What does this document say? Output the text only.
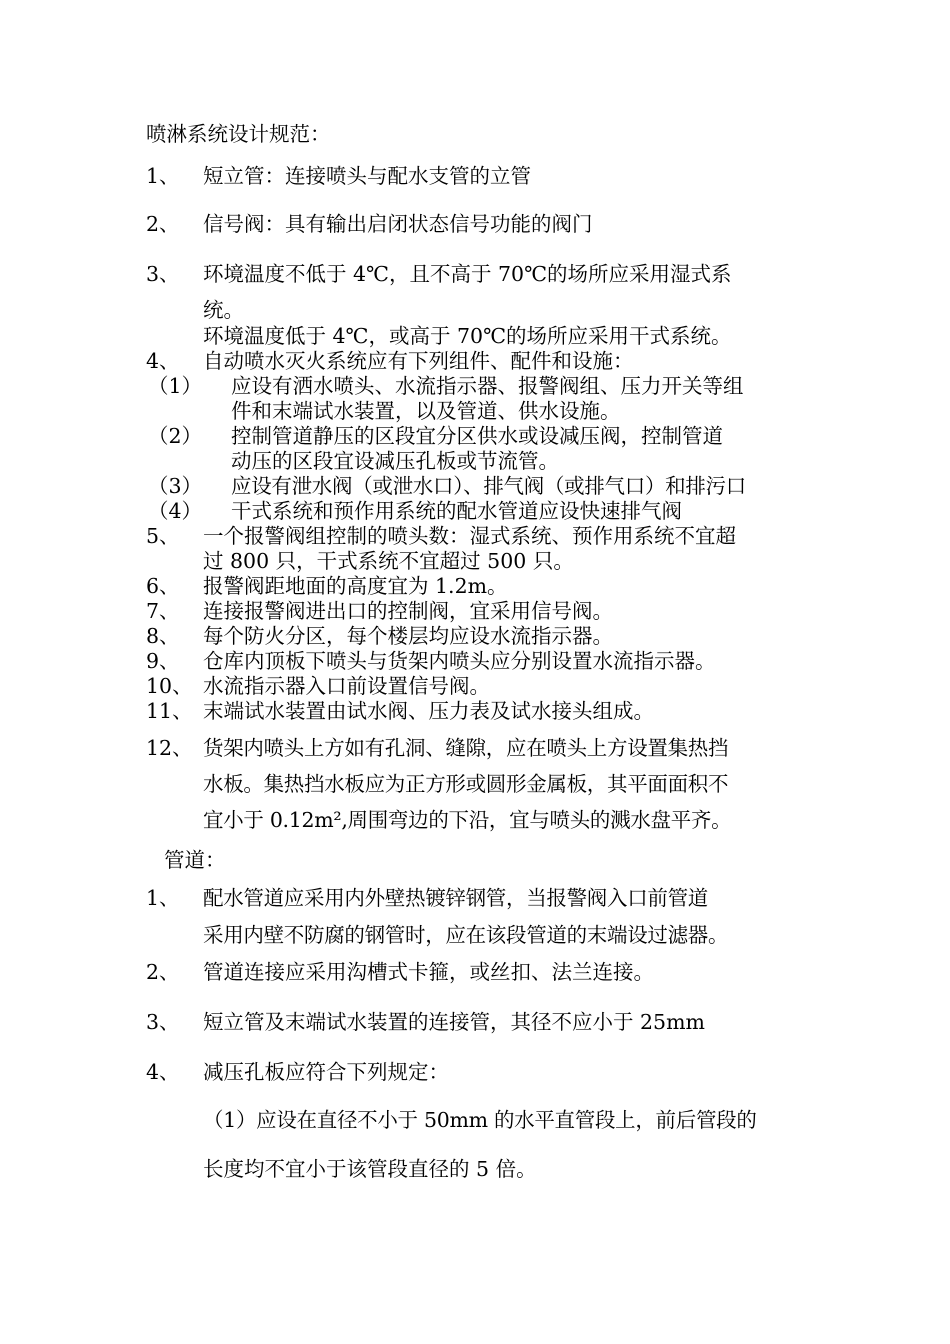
喷淋系统设计规范：
1、 短立管：连接喷头与配水支管的立管
2、 信号阀：具有输出启闭状态信号功能的阀门
3、 环境温度不低于 4℃，且不高于 70℃的场所应采用湿式系
统。
环境温度低于 4℃，或高于 70℃的场所应采用干式系统。
4、 自动喷水灭火系统应有下列组件、配件和设施：
（1） 应设有洒水喷头、水流指示器、报警阀组、压力开关等组
件和末端试水装置，以及管道、供水设施。
（2） 控制管道静压的区段宜分区供水或设减压阀，控制管道
动压的区段宜设减压孔板或节流管。
（3） 应设有泄水阀（或泄水口）、排气阀（或排气口）和排污口
（4） 干式系统和预作用系统的配水管道应设快速排气阀
5、 一个报警阀组控制的喷头数：湿式系统、预作用系统不宜超
过 800 只，干式系统不宜超过 500 只。
6、 报警阀距地面的高度宜为 1.2m。
7、 连接报警阀进出口的控制阀，宜采用信号阀。
8、 每个防火分区，每个楼层均应设水流指示器。
9、 仓库内顶板下喷头与货架内喷头应分别设置水流指示器。
10、 水流指示器入口前设置信号阀。
11、 末端试水装置由试水阀、压力表及试水接头组成。
12、 货架内喷头上方如有孔洞、缝隙，应在喷头上方设置集热挡
水板。集热挡水板应为正方形或圆形金属板，其平面面积不
宜小于 0.12m²,周围弯边的下沿，宜与喷头的溅水盘平齐。
管道：
1、 配水管道应采用内外壁热镀锌钢管，当报警阀入口前管道
采用内壁不防腐的钢管时，应在该段管道的末端设过滤器。
2、 管道连接应采用沟槽式卡箍，或丝扣、法兰连接。
3、 短立管及末端试水装置的连接管，其径不应小于 25mm
4、 减压孔板应符合下列规定：
（1）应设在直径不小于 50mm 的水平直管段上，前后管段的
长度均不宜小于该管段直径的 5 倍。
